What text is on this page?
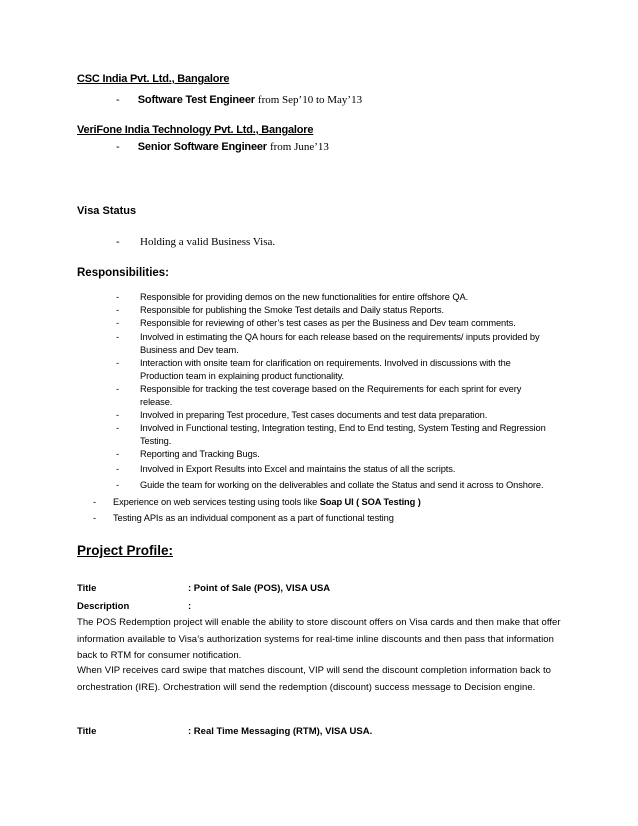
CSC India Pvt. Ltd., Bangalore
- Software Test Engineer from Sep’10 to May’13
VeriFone India Technology Pvt. Ltd., Bangalore
- Senior Software Engineer from June’13
Visa Status
- Holding a valid Business Visa.
Responsibilities:
-
-
-
-
-
-
-
-
-
-
-
Responsible for providing demos on the new functionalities for entire offshore QA.
Responsible for publishing the Smoke Test details and Daily status Reports.
Responsible for reviewing of other’s test cases as per the Business and Dev team comments.
Involved in estimating the QA hours for each release based on the requirements/ inputs provided by
Business and Dev team.
Interaction with onsite team for clarification on requirements. Involved in discussions with the
Production team in explaining product functionality.
Responsible for tracking the test coverage based on the Requirements for each sprint for every
release.
Involved in preparing Test procedure, Test cases documents and test data preparation.
Involved in Functional testing, Integration testing, End to End testing, System Testing and Regression
Testing.
Reporting and Tracking Bugs.
Involved in Export Results into Excel and maintains the status of all the scripts.
Guide the team for working on the deliverables and collate the Status and send it across to Onshore.
- Experience on web services testing using tools like Soap UI ( SOA Testing )
- Testing APIs as an individual component as a part of functional testing
Project Profile:
Title	: Point of Sale (POS), VISA USA
Description	:
The POS Redemption project will enable the ability to store discount offers on Visa cards and then make that offer
information available to Visa’s authorization systems for real-time inline discounts and then pass that information
back to RTM for consumer notification.
When VIP receives card swipe that matches discount, VIP will send the discount completion information back to
orchestration (IRE). Orchestration will send the redemption (discount) success message to Decision engine.
Title	: Real Time Messaging (RTM), VISA USA.
